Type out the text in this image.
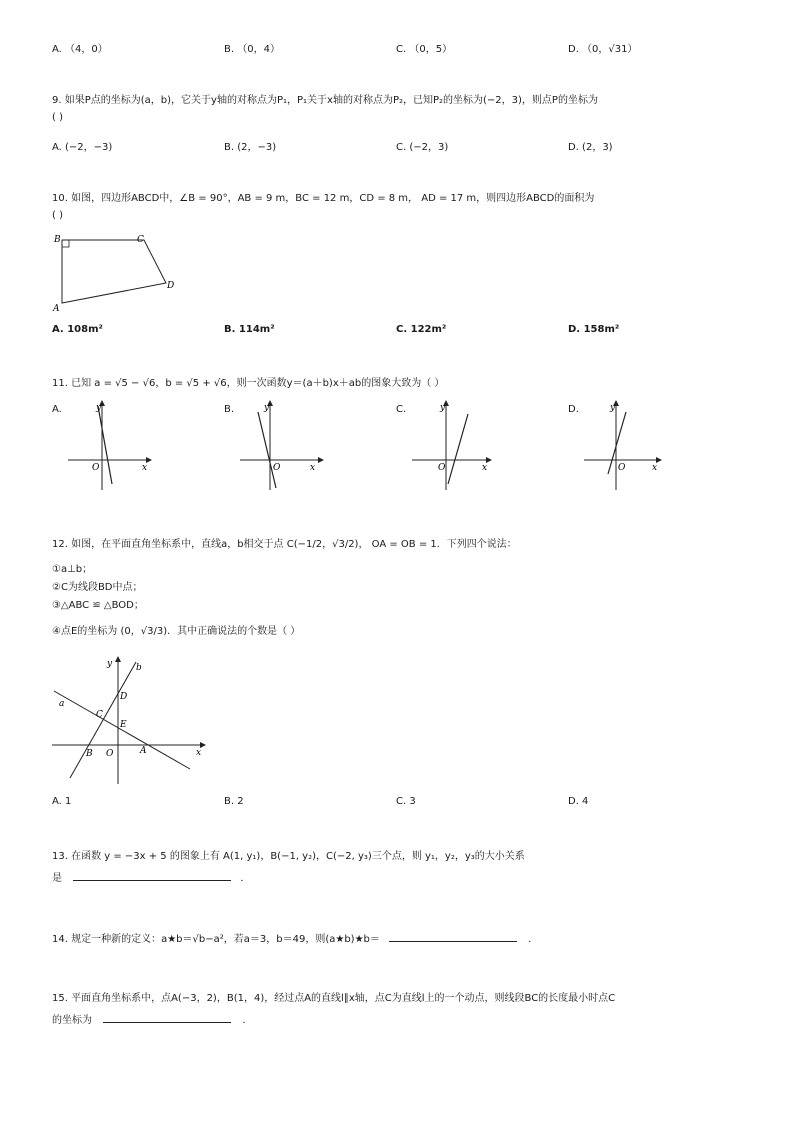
A. （4，0）	B. （0，4）	C. （0，5）	D. （0，√31）
9. 如果P点的坐标为(a，b)，它关于y轴的对称点为P₁，P₁关于x轴的对称点为P₂，已知P₂的坐标为(−2，3)，则点P的坐标为
( )
A. (−2，−3)	B. (2，−3)	C. (−2，3)	D. (2，3)
10. 如图，四边形ABCD中，∠B = 90°，AB = 9 m，BC = 12 m，CD = 8 m， AD = 17 m，则四边形ABCD的面积为
( )
B	C
D
A
A. 108m²	B. 114m²	C. 122m²	D. 158m²
11. 已知 a = √5 − √6，b = √5 + √6，则一次函数y＝(a＋b)x＋ab的图象大致为（ ）
A.	y
x
O
B.	y
x
O
C.	y
x
O
D.	y
x
O
12. 如图，在平面直角坐标系中，直线a，b相交于点 C(−1/2，√3/2)， OA = OB = 1．下列四个说法：
①a⊥b；
②C为线段BD中点；
③△ABC ≌ △BOD；
④点E的坐标为 (0，√3/3)．其中正确说法的个数是（ ）
y	b
D
a
C
E
B O	A	x
A. 1	B. 2	C. 3	D. 4
13. 在函数 y = −3x + 5 的图象上有 A(1, y₁)，B(−1, y₂)，C(−2, y₃)三个点，则 y₁，y₂，y₃的大小关系
是	．
14. 规定一种新的定义：a★b＝√b−a²，若a＝3，b＝49，则(a★b)★b＝	．
15. 平面直角坐标系中，点A(−3，2)，B(1，4)，经过点A的直线l∥x轴，点C为直线l上的一个动点，则线段BC的长度最小时点C
的坐标为	．
